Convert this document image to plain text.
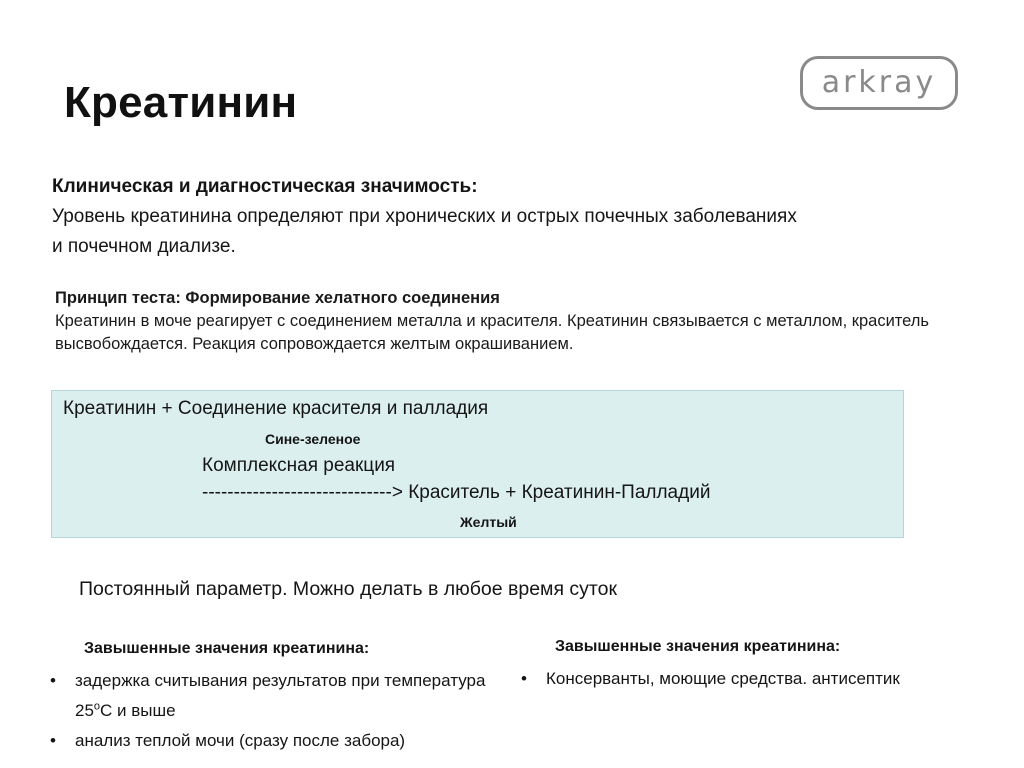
Креатинин	arkray
Клиническая и диагностическая значимость:
Уровень креатинина определяют при хронических и острых почечных заболеваниях и почечном диализе.
Принцип теста: Формирование хелатного соединения
Креатинин в моче реагирует с соединением металла и красителя. Креатинин связывается с металлом, краситель высвобождается. Реакция сопровождается желтым окрашиванием.
Креатинин + Соединение красителя и палладия
Сине-зеленое
Комплексная реакция
------------------------------> Краситель + Креатинин-Палладий
Желтый
Постоянный параметр. Можно делать в любое время суток
Завышенные значения креатинина:
• задержка считывания результатов при температура 25$^o$С и выше
• анализ теплой мочи (сразу после забора)
Завышенные значения креатинина:
• Консерванты, моющие средства. антисептик
